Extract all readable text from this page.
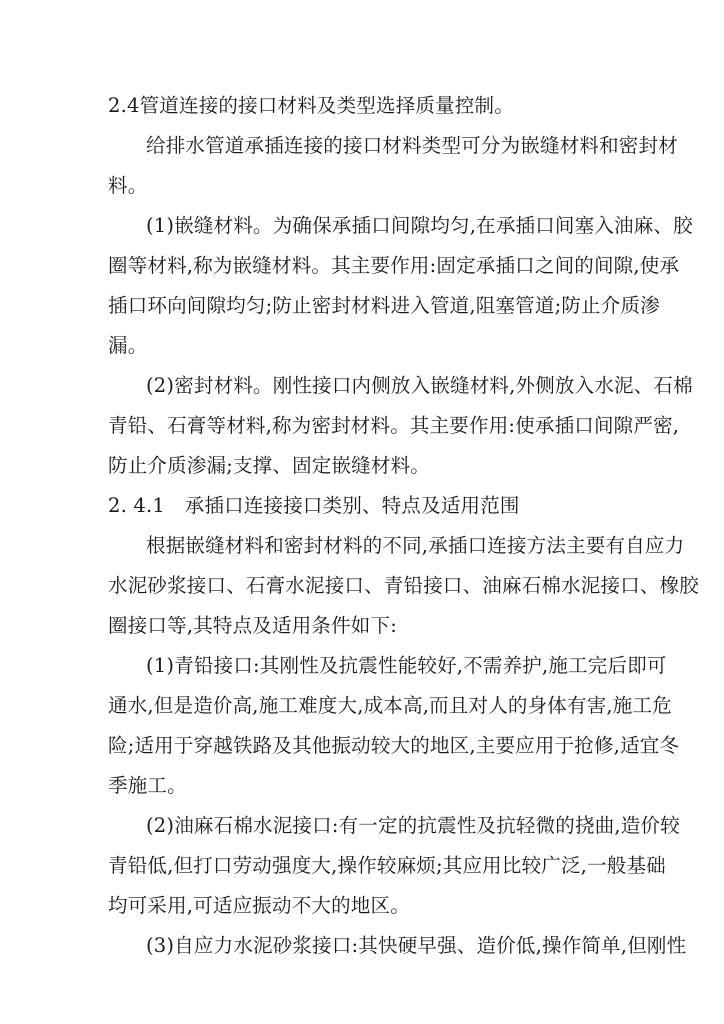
2.4管道连接的接口材料及类型选择质量控制。
给排水管道承插连接的接口材料类型可分为嵌缝材料和密封材
料。
(1)嵌缝材料。为确保承插口间隙均匀,在承插口间塞入油麻、胶
圈等材料,称为嵌缝材料。其主要作用:固定承插口之间的间隙,使承
插口环向间隙均匀;防止密封材料进入管道,阻塞管道;防止介质渗
漏。
(2)密封材料。刚性接口内侧放入嵌缝材料,外侧放入水泥、石棉
青铅、石膏等材料,称为密封材料。其主要作用:使承插口间隙严密,
防止介质渗漏;支撑、固定嵌缝材料。
2. 4.1　承插口连接接口类别、特点及适用范围
根据嵌缝材料和密封材料的不同,承插口连接方法主要有自应力
水泥砂浆接口、石膏水泥接口、青铅接口、油麻石棉水泥接口、橡胶
圈接口等,其特点及适用条件如下:
(1)青铅接口:其刚性及抗震性能较好,不需养护,施工完后即可
通水,但是造价高,施工难度大,成本高,而且对人的身体有害,施工危
险;适用于穿越铁路及其他振动较大的地区,主要应用于抢修,适宜冬
季施工。
(2)油麻石棉水泥接口:有一定的抗震性及抗轻微的挠曲,造价较
青铅低,但打口劳动强度大,操作较麻烦;其应用比较广泛,一般基础
均可采用,可适应振动不大的地区。
(3)自应力水泥砂浆接口:其快硬早强、造价低,操作简单,但刚性
